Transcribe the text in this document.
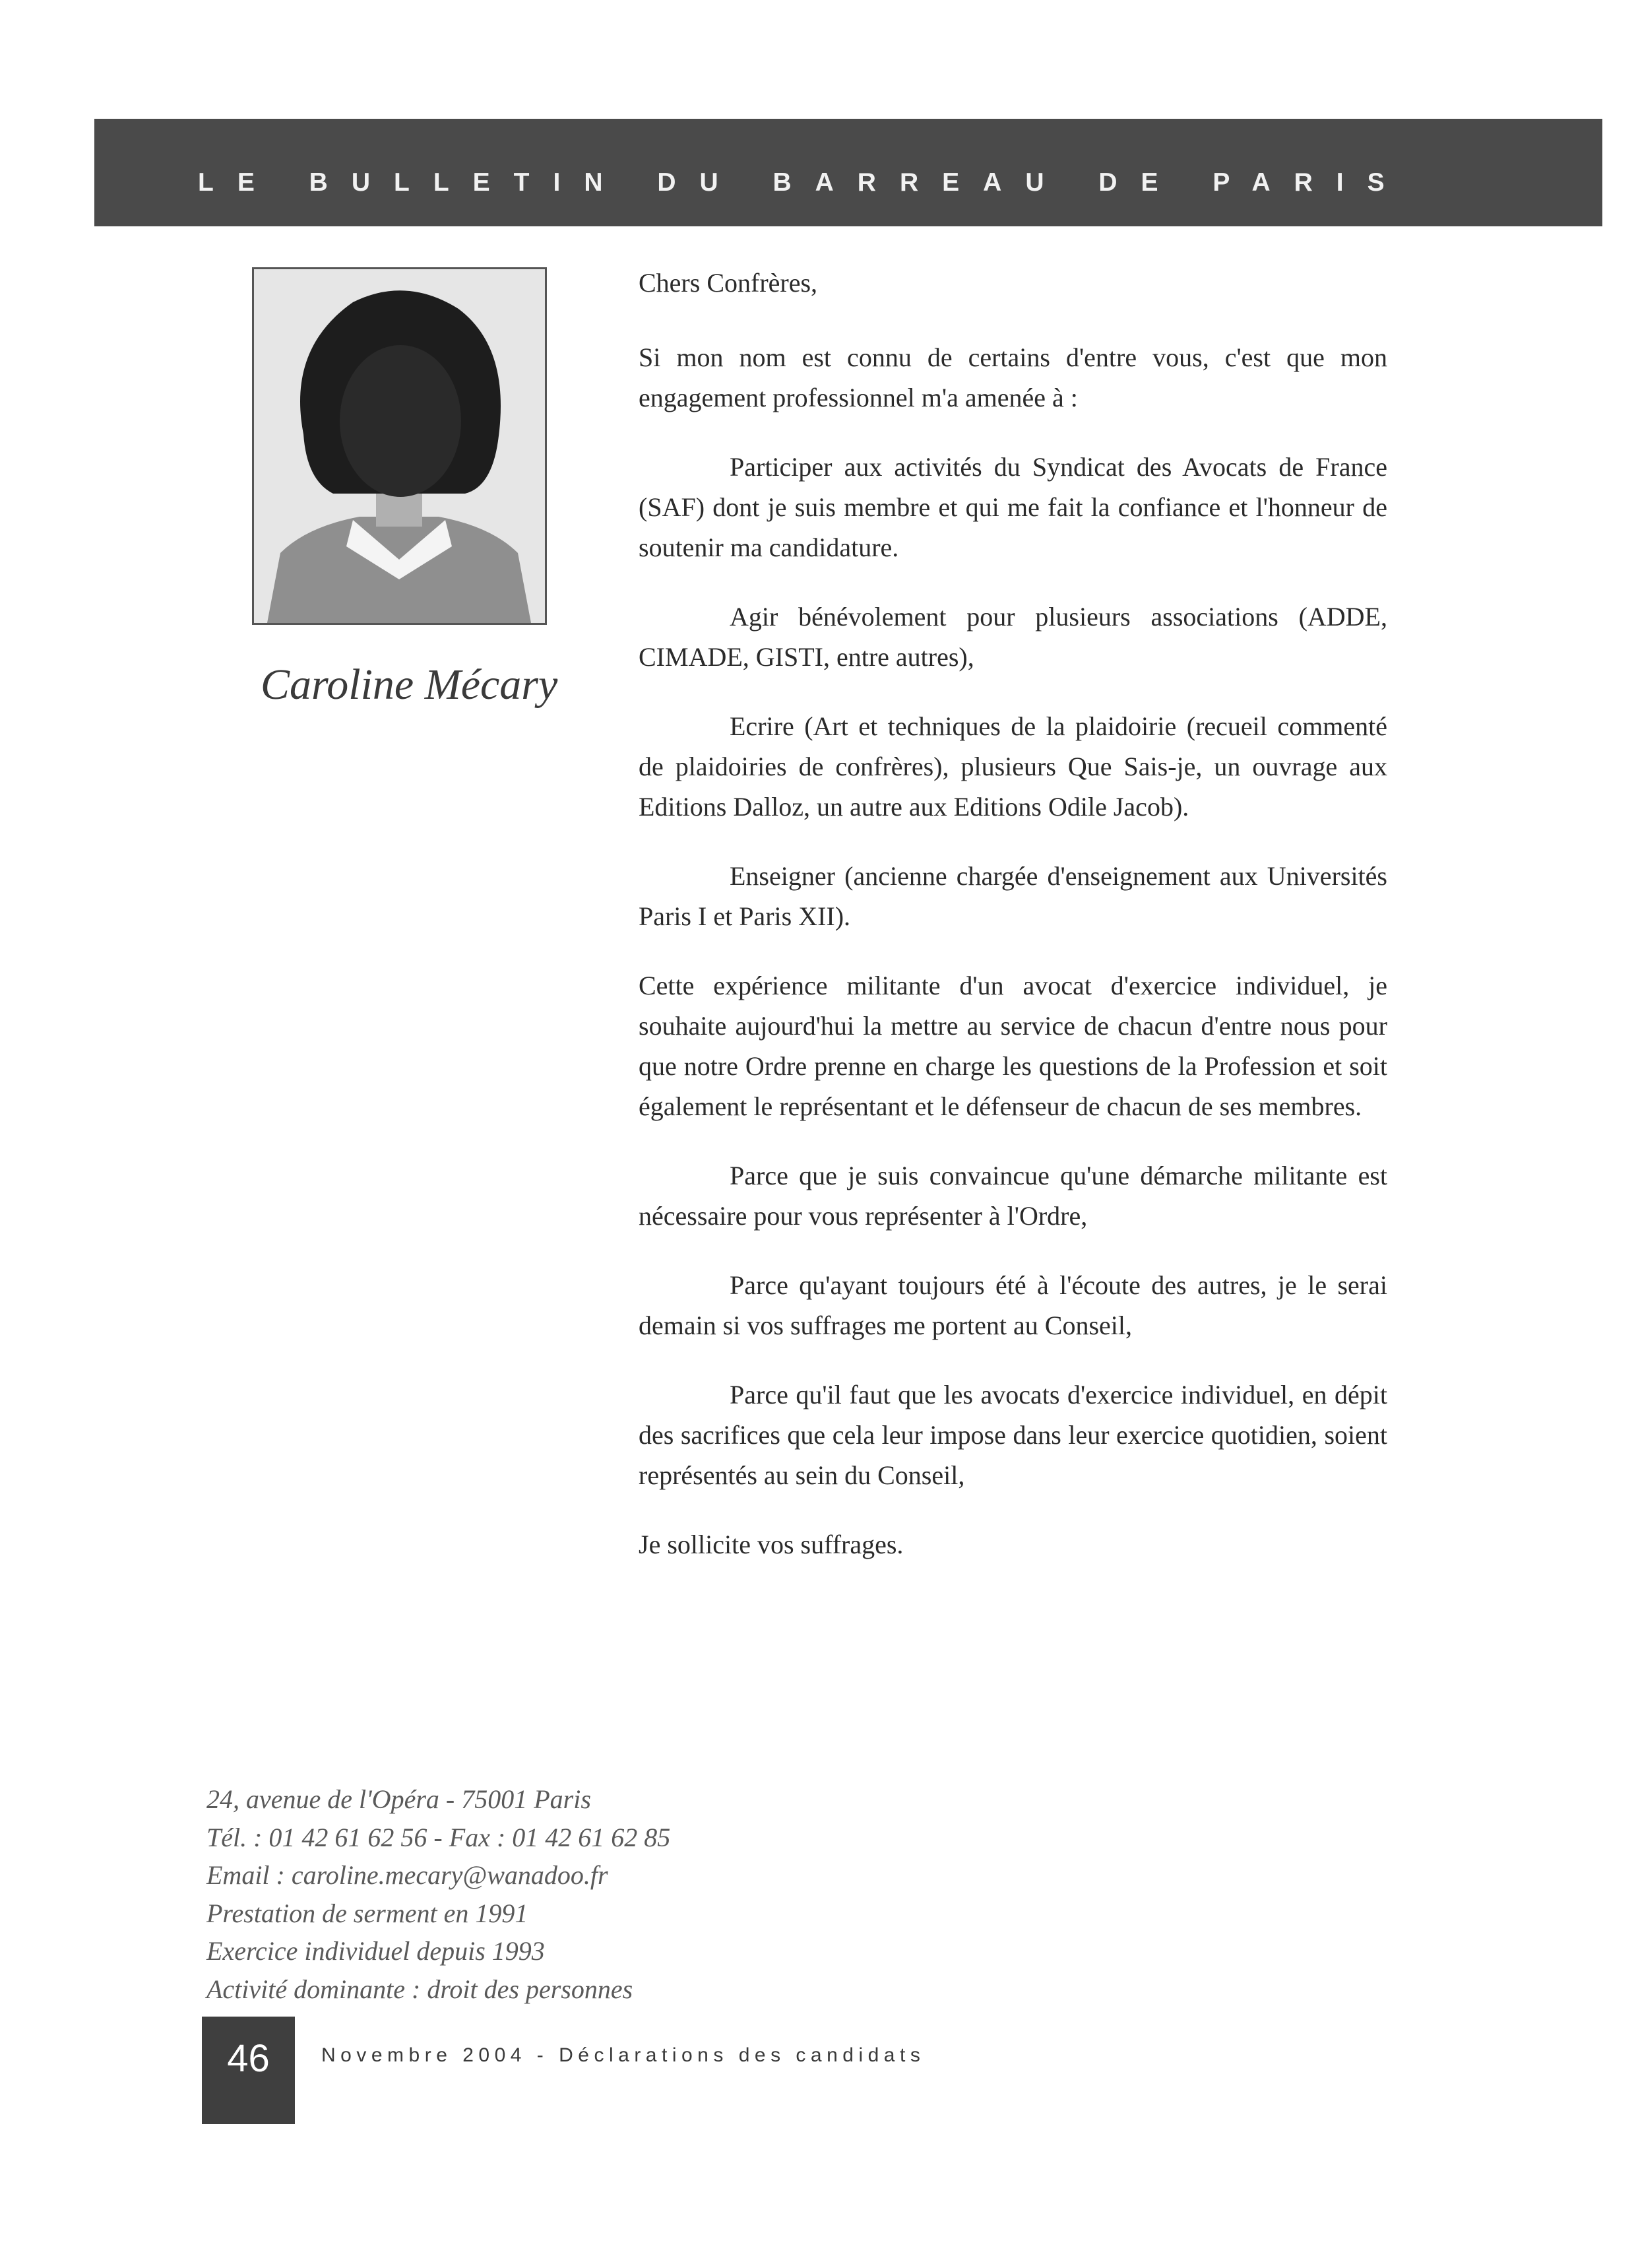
LE BULLETIN DU BARREAU DE PARIS
Caroline Mécary

Chers Confrères,

Si mon nom est connu de certains d'entre vous, c'est que mon engagement professionnel m'a amenée à :

Participer aux activités du Syndicat des Avocats de France (SAF) dont je suis membre et qui me fait la confiance et l'honneur de soutenir ma candidature.

Agir bénévolement pour plusieurs associations (ADDE, CIMADE, GISTI, entre autres),

Ecrire (Art et techniques de la plaidoirie (recueil commenté de plaidoiries de confrères), plusieurs Que Sais-je, un ouvrage aux Editions Dalloz, un autre aux Editions Odile Jacob).

Enseigner (ancienne chargée d'enseignement aux Universités Paris I et Paris XII).

Cette expérience militante d'un avocat d'exercice individuel, je souhaite aujourd'hui la mettre au service de chacun d'entre nous pour que notre Ordre prenne en charge les questions de la Profession et soit également le représentant et le défenseur de chacun de ses membres.

Parce que je suis convaincue qu'une démarche militante est nécessaire pour vous représenter à l'Ordre,

Parce qu'ayant toujours été à l'écoute des autres, je le serai demain si vos suffrages me portent au Conseil,

Parce qu'il faut que les avocats d'exercice individuel, en dépit des sacrifices que cela leur impose dans leur exercice quotidien, soient représentés au sein du Conseil,

Je sollicite vos suffrages.

24, avenue de l'Opéra - 75001 Paris
Tél. : 01 42 61 62 56 - Fax : 01 42 61 62 85
Email : caroline.mecary@wanadoo.fr
Prestation de serment en 1991
Exercice individuel depuis 1993
Activité dominante : droit des personnes
46	Novembre 2004 - Déclarations des candidats
